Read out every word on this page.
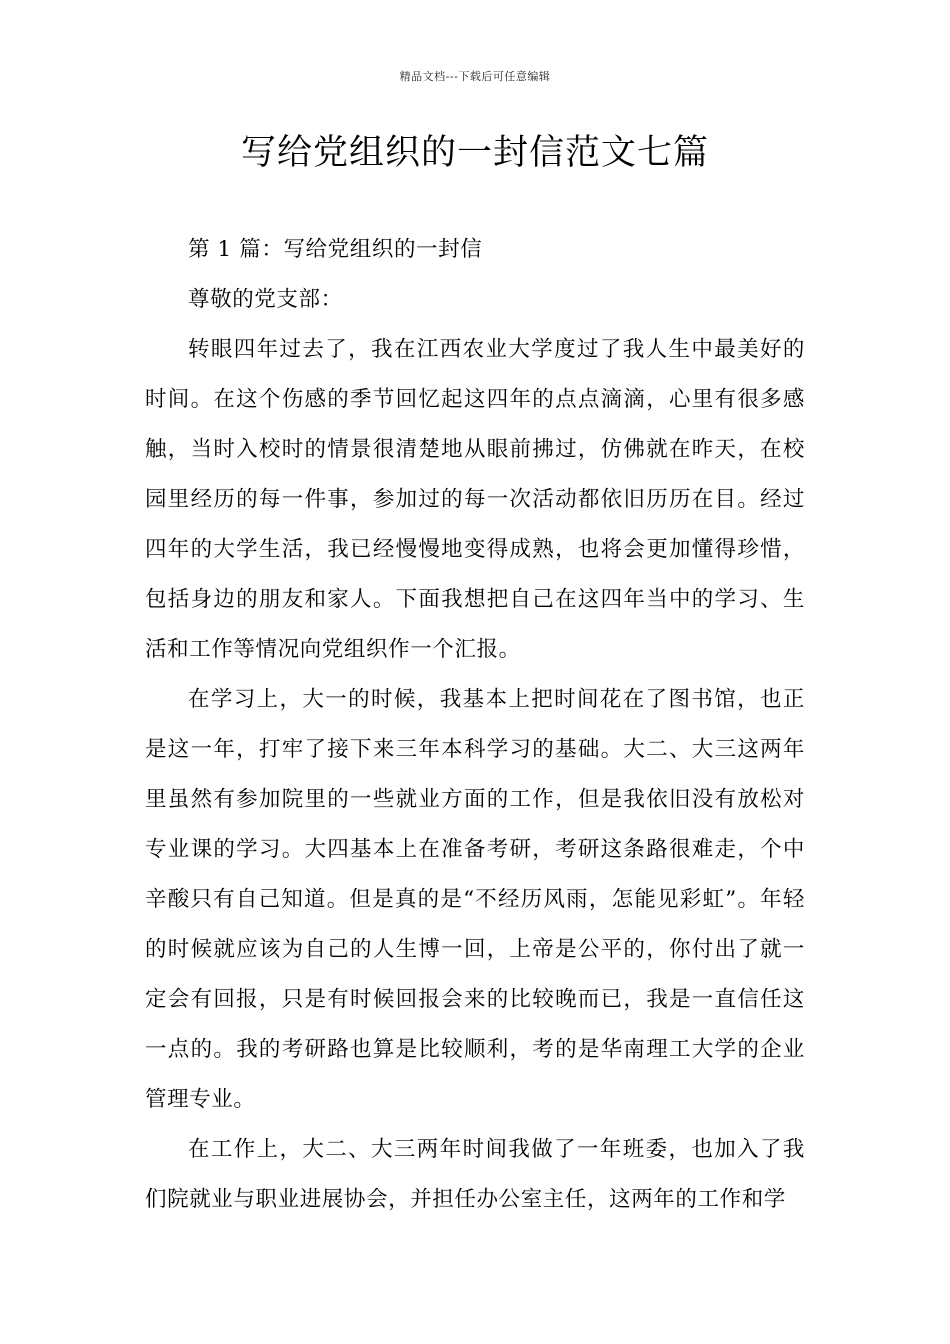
精品文档---下载后可任意编辑
写给党组织的一封信范文七篇

第 1 篇：写给党组织的一封信

尊敬的党支部：

转眼四年过去了，我在江西农业大学度过了我人生中最美好的时间。在这个伤感的季节回忆起这四年的点点滴滴，心里有很多感触，当时入校时的情景很清楚地从眼前拂过，仿佛就在昨天，在校园里经历的每一件事，参加过的每一次活动都依旧历历在目。经过四年的大学生活，我已经慢慢地变得成熟，也将会更加懂得珍惜，包括身边的朋友和家人。下面我想把自己在这四年当中的学习、生活和工作等情况向党组织作一个汇报。

在学习上，大一的时候，我基本上把时间花在了图书馆，也正是这一年，打牢了接下来三年本科学习的基础。大二、大三这两年里虽然有参加院里的一些就业方面的工作，但是我依旧没有放松对专业课的学习。大四基本上在准备考研，考研这条路很难走，个中辛酸只有自己知道。但是真的是“不经历风雨，怎能见彩虹”。年轻的时候就应该为自己的人生博一回，上帝是公平的，你付出了就一定会有回报，只是有时候回报会来的比较晚而已，我是一直信任这一点的。我的考研路也算是比较顺利，考的是华南理工大学的企业管理专业。

在工作上，大二、大三两年时间我做了一年班委，也加入了我们院就业与职业进展协会，并担任办公室主任，这两年的工作和学
